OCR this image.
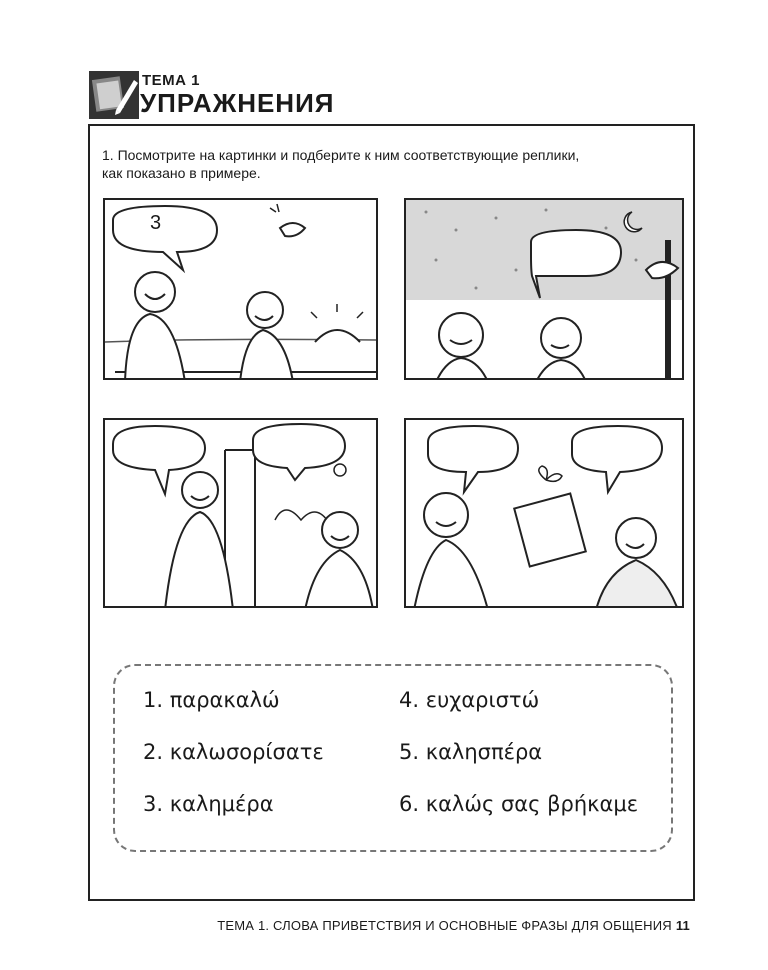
ТЕМА 1
УПРАЖНЕНИЯ
1. Посмотрите на картинки и подберите к ним соответствующие реплики,
как показано в примере.
3
1. παρακαλώ
2. καλωσορίσατε
3. καλημέρα
4. ευχαριστώ
5. καλησπέρα
6. καλώς σας βρήκαμε
ТЕМА 1. СЛОВА ПРИВЕТСТВИЯ И ОСНОВНЫЕ ФРАЗЫ ДЛЯ ОБЩЕНИЯ 11
